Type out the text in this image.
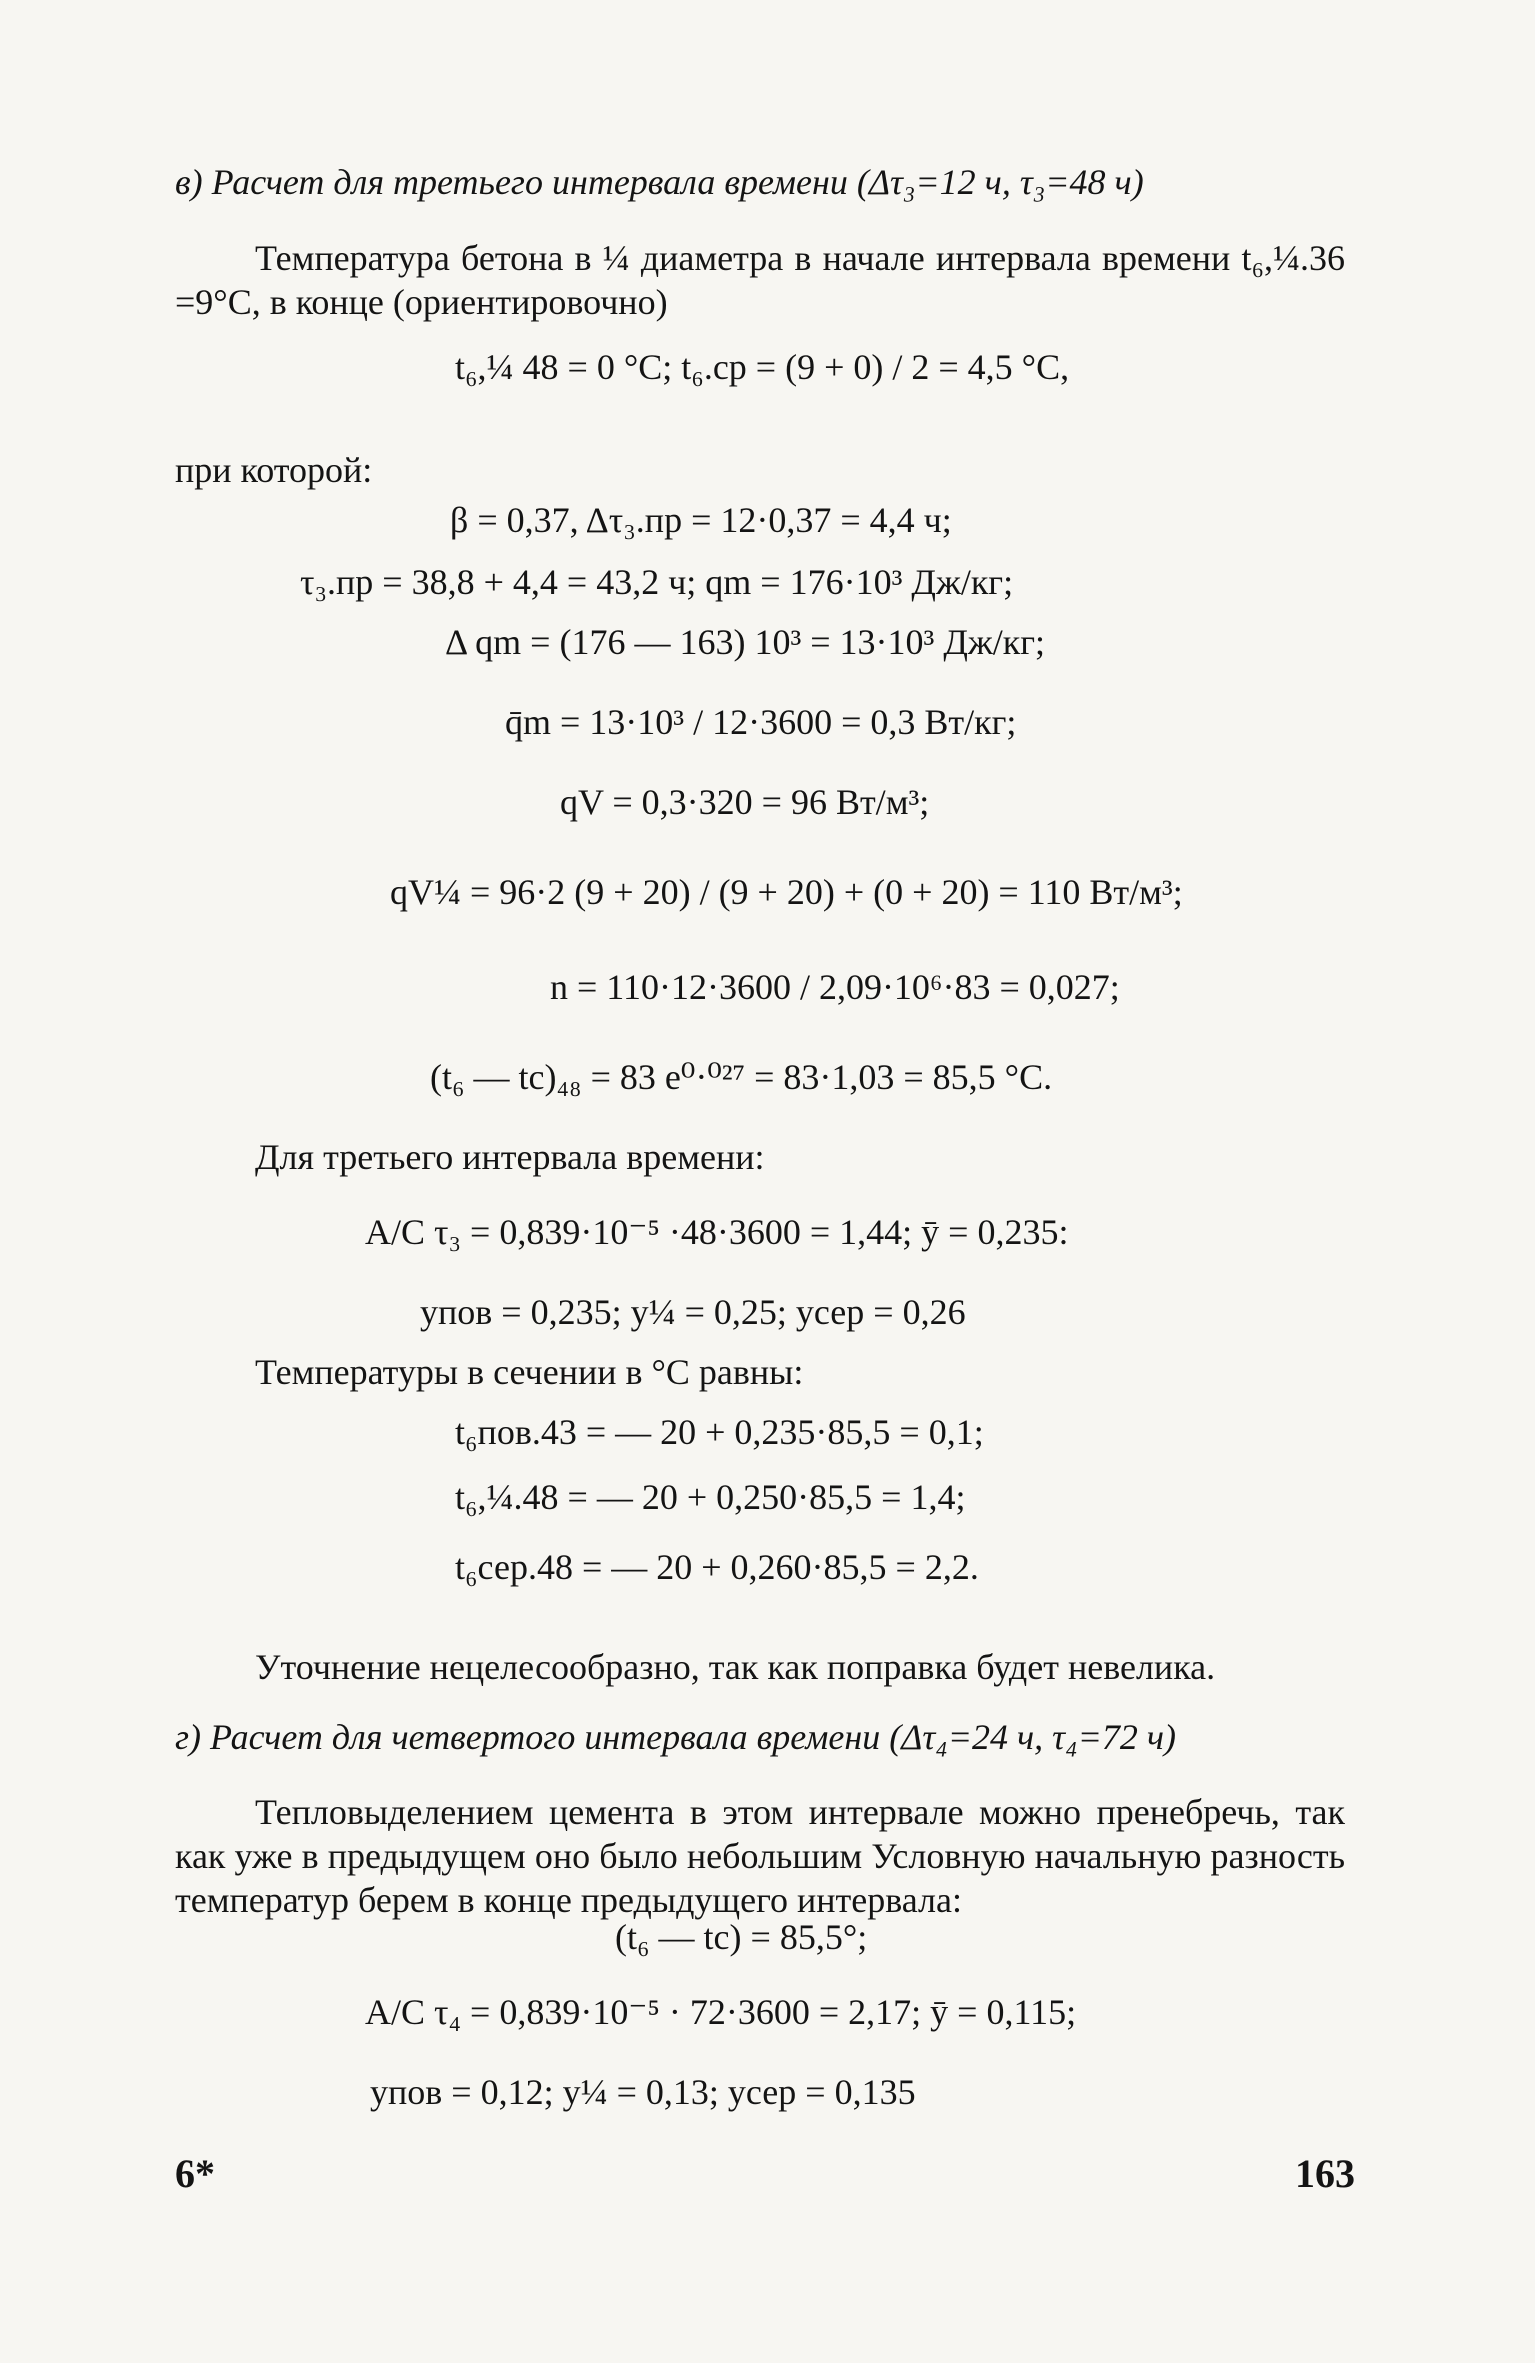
в) Расчет для третьего интервала времени (Δτ₃=12 ч, τ₃=48 ч)
Температура бетона в ¼ диаметра в начале интервала времени t₆,¼.36 =9°C, в конце (ориентировочно)
t₆,¼ 48 = 0 °C; t₆.ср = (9 + 0) / 2 = 4,5 °C,
при которой:
β = 0,37, Δτ₃.пр = 12·0,37 = 4,4 ч;
τ₃.пр = 38,8 + 4,4 = 43,2 ч; qm = 176·10³ Дж/кг;
Δ qm = (176 — 163) 10³ = 13·10³ Дж/кг;
q̄m = 13·10³ / 12·3600 = 0,3 Вт/кг;
qV = 0,3·320 = 96 Вт/м³;
qV¼ = 96·2 (9 + 20) / (9 + 20) + (0 + 20) = 110 Вт/м³;
n = 110·12·3600 / 2,09·10⁶·83 = 0,027;
(t₆ — tc)₄₈ = 83 e⁰·⁰²⁷ = 83·1,03 = 85,5 °C.
Для третьего интервала времени:
A/C τ₃ = 0,839·10⁻⁵ ·48·3600 = 1,44; ȳ = 0,235:
yпов = 0,235; y¼ = 0,25; yсер = 0,26
Температуры в сечении в °C равны:
t₆пов.43 = — 20 + 0,235·85,5 = 0,1;
t₆,¼.48 = — 20 + 0,250·85,5 = 1,4;
t₆сер.48 = — 20 + 0,260·85,5 = 2,2.
Уточнение нецелесообразно, так как поправка будет невелика.
г) Расчет для четвертого интервала времени (Δτ₄=24 ч, τ₄=72 ч)
Тепловыделением цемента в этом интервале можно пренебречь, так как уже в предыдущем оно было небольшим Условную начальную разность температур берем в конце предыдущего интервала:
(t₆ — tc) = 85,5°;
A/C τ₄ = 0,839·10⁻⁵ · 72·3600 = 2,17; ȳ = 0,115;
yпов = 0,12; y¼ = 0,13; yсер = 0,135
6*	163
